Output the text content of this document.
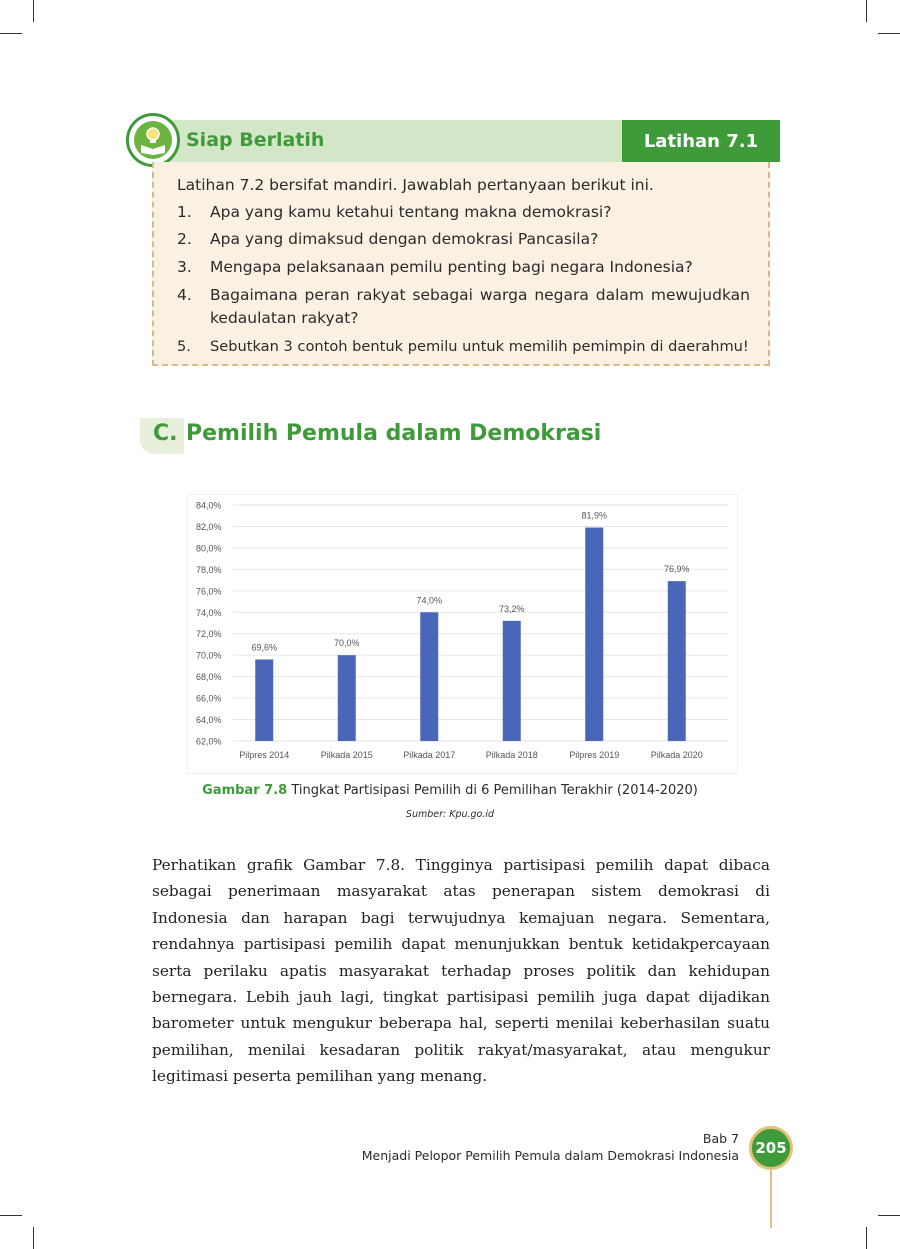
Siap Berlatih	Latihan 7.1
Latihan 7.2 bersifat mandiri. Jawablah pertanyaan berikut ini.
1. Apa yang kamu ketahui tentang makna demokrasi?
2. Apa yang dimaksud dengan demokrasi Pancasila?
3. Mengapa pelaksanaan pemilu penting bagi negara Indonesia?
4. Bagaimana peran rakyat sebagai warga negara dalam mewujudkan kedaulatan rakyat?
5. Sebutkan 3 contoh bentuk pemilu untuk memilih pemimpin di daerahmu!
C. Pemilih Pemula dalam Demokrasi
62,0%
64,0%
66,0%
68,0%
70,0%
72,0%
74,0%
76,0%
78,0%
80,0%
82,0%
84,0%
69,6%
Pilpres 2014
70,0%
Pilkada 2015
74,0%
Pilkada 2017
73,2%
Pilkada 2018
81,9%
Pilpres 2019
76,9%
Pilkada 2020
Gambar 7.8 Tingkat Partisipasi Pemilih di 6 Pemilihan Terakhir (2014-2020)
Sumber: Kpu.go.id
Perhatikan grafik Gambar 7.8. Tingginya partisipasi pemilih dapat dibaca sebagai penerimaan masyarakat atas penerapan sistem demokrasi di Indonesia dan harapan bagi terwujudnya kemajuan negara. Sementara, rendahnya partisipasi pemilih dapat menunjukkan bentuk ketidakpercayaan serta perilaku apatis masyarakat terhadap proses politik dan kehidupan bernegara. Lebih jauh lagi, tingkat partisipasi pemilih juga dapat dijadikan barometer untuk mengukur beberapa hal, seperti menilai keberhasilan suatu pemilihan, menilai kesadaran politik rakyat/masyarakat, atau mengukur legitimasi peserta pemilihan yang menang.
Bab 7
Menjadi Pelopor Pemilih Pemula dalam Demokrasi Indonesia	205
